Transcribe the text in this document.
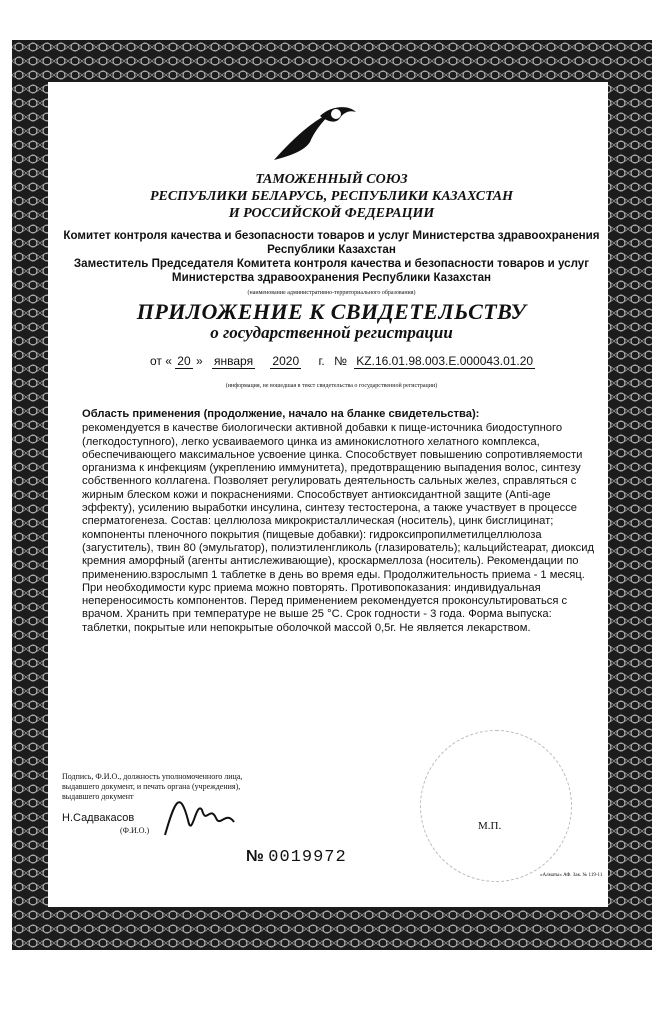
ТАМОЖЕННЫЙ СОЮЗ
РЕСПУБЛИКИ БЕЛАРУСЬ, РЕСПУБЛИКИ КАЗАХСТАН
И РОССИЙСКОЙ ФЕДЕРАЦИИ
Комитет контроля качества и безопасности товаров и услуг Министерства здравоохранения
Республики Казахстан
Заместитель Председателя Комитета контроля качества и безопасности товаров и услуг
Министерства здравоохранения Республики Казахстан
(наименование административно-территориального образования)
ПРИЛОЖЕНИЕ К СВИДЕТЕЛЬСТВУ
о государственной регистрации
от « 20 » января 2020 г. № KZ.16.01.98.003.E.000043.01.20
(информация, не вошедшая в текст свидетельства о государственной регистрации)
Область применения (продолжение, начало на бланке свидетельства):
рекомендуется в качестве биологически активной добавки к пище-источника биодоступного
(легкодоступного), легко усваиваемого цинка из аминокислотного хелатного комплекса,
обеспечивающего максимальное усвоение цинка. Способствует повышению сопротивляемости
организма к инфекциям (укреплению иммунитета), предотвращению выпадения волос, синтезу
собственного коллагена. Позволяет регулировать деятельность сальных желез, справляться с
жирным блеском кожи и покраснениями. Способствует антиоксидантной защите (Anti-age
эффекту), усилению выработки инсулина, синтезу тестостерона, а также участвует в процессе
сперматогенеза. Состав: целлюлоза микрокристаллическая (носитель), цинк бисглицинат;
компоненты пленочного покрытия (пищевые добавки): гидроксипропилметилцеллюлоза
(загуститель), твин 80 (эмульгатор), полиэтиленгликоль (глазирователь); кальцийстеарат, диоксид
кремния аморфный (агенты антислеживающие), кроскармеллоза (носитель). Рекомендации по
применению.взрослымп 1 таблетке в день во время еды. Продолжительность приема - 1 месяц.
При необходимости курс приема можно повторять. Противопоказания: индивидуальная
непереносимость компонентов. Перед применением рекомендуется проконсультироваться с
врачом. Хранить при температуре не выше 25 °С. Срок годности - 3 года. Форма выпуска:
таблетки, покрытые или непокрытые оболочкой массой 0,5г. Не является лекарством.
Подпись, Ф.И.О., должность уполномоченного лица,
выдавшего документ, и печать органа (учреждения),
выдавшего документ
Н.Садвакасов
(Ф.И.О.)	М.П.
№ 0019972
«Алматы» АФ. Зак. № 119-11
